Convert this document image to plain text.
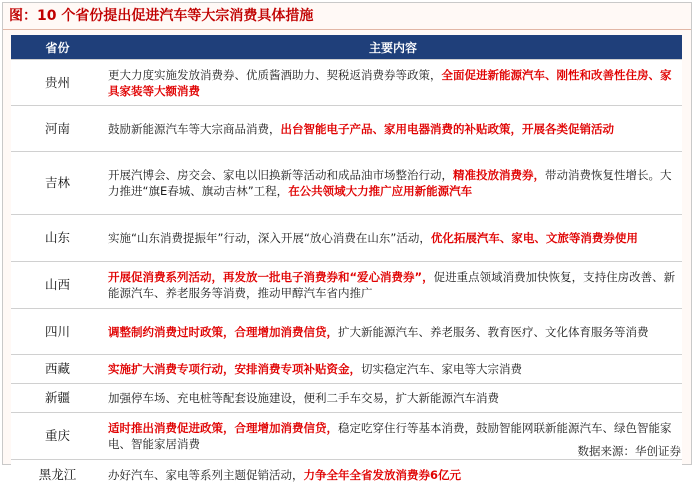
图：10 个省份提出促进汽车等大宗消费具体措施
省份	主要内容
贵州	更大力度实施发放消费券、优质酱酒助力、契税返消费券等政策，全面促进新能源汽车、刚性和改善性住房、家具家装等大额消费
河南	鼓励新能源汽车等大宗商品消费，出台智能电子产品、家用电器消费的补贴政策，开展各类促销活动
吉林	开展汽博会、房交会、家电以旧换新等活动和成品油市场整治行动，精准投放消费券，带动消费恢复性增长。大力推进“旗E春城、旗动吉林”工程，在公共领域大力推广应用新能源汽车
山东	实施“山东消费提振年”行动，深入开展“放心消费在山东”活动，优化拓展汽车、家电、文旅等消费券使用
山西	开展促消费系列活动，再发放一批电子消费券和“爱心消费券”，促进重点领域消费加快恢复，支持住房改善、新能源汽车、养老服务等消费，推动甲醇汽车省内推广
四川	调整制约消费过时政策，合理增加消费信贷，扩大新能源汽车、养老服务、教育医疗、文化体育服务等消费
西藏	实施扩大消费专项行动，安排消费专项补贴资金，切实稳定汽车、家电等大宗消费
新疆	加强停车场、充电桩等配套设施建设，便利二手车交易，扩大新能源汽车消费
重庆	适时推出消费促进政策，合理增加消费信贷，稳定吃穿住行等基本消费，鼓励智能网联新能源汽车、绿色智能家电、智能家居消费
黑龙江	办好汽车、家电等系列主题促销活动，力争全年全省发放消费券6亿元
数据来源：华创证券
